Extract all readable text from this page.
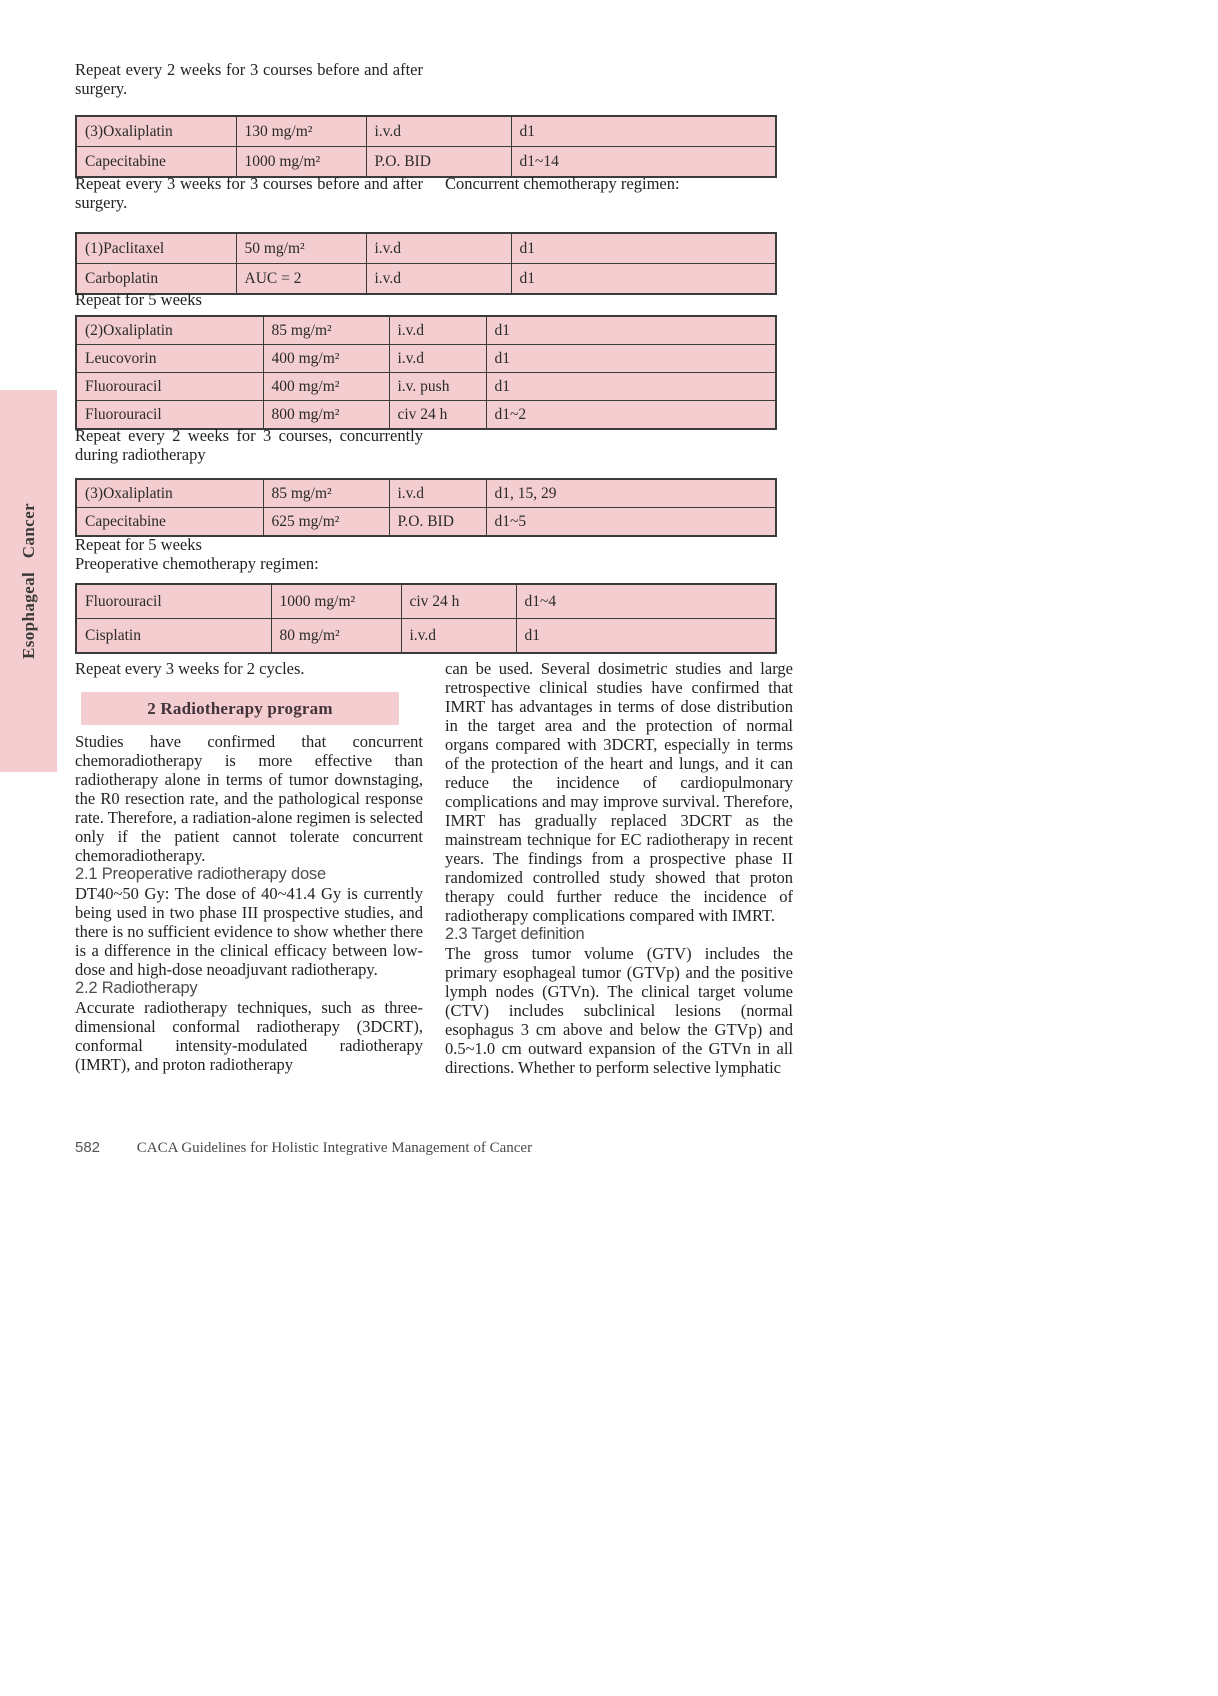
Esophageal Cancer
Repeat every 2 weeks for 3 courses before and after surgery.
(3)Oxaliplatin	130 mg/m²	i.v.d	d1
Capecitabine	1000 mg/m²	P.O. BID	d1~14
Repeat every 3 weeks for 3 courses before and after surgery.
Concurrent chemotherapy regimen:
(1)Paclitaxel	50 mg/m²	i.v.d	d1
Carboplatin	AUC = 2	i.v.d	d1
Repeat for 5 weeks
(2)Oxaliplatin	85 mg/m²	i.v.d	d1
Leucovorin	400 mg/m²	i.v.d	d1
Fluorouracil	400 mg/m²	i.v. push	d1
Fluorouracil	800 mg/m²	civ 24 h	d1~2
Repeat every 2 weeks for 3 courses, concurrently during radiotherapy
(3)Oxaliplatin	85 mg/m²	i.v.d	d1, 15, 29
Capecitabine	625 mg/m²	P.O. BID	d1~5
Repeat for 5 weeks
Preoperative chemotherapy regimen:
Fluorouracil	1000 mg/m²	civ 24 h	d1~4
Cisplatin	80 mg/m²	i.v.d	d1

Repeat every 3 weeks for 2 cycles.

2 Radiotherapy program

Studies have confirmed that concurrent chemoradiotherapy is more effective than radiotherapy alone in terms of tumor downstaging, the R0 resection rate, and the pathological response rate. Therefore, a radiation-alone regimen is selected only if the patient cannot tolerate concurrent chemoradiotherapy.

2.1 Preoperative radiotherapy dose

DT40~50 Gy: The dose of 40~41.4 Gy is currently being used in two phase III prospective studies, and there is no sufficient evidence to show whether there is a difference in the clinical efficacy between low-dose and high-dose neoadjuvant radiotherapy.

2.2 Radiotherapy

Accurate radiotherapy techniques, such as three-dimensional conformal radiotherapy (3DCRT), conformal intensity-modulated radiotherapy (IMRT), and proton radiotherapy

can be used. Several dosimetric studies and large retrospective clinical studies have confirmed that IMRT has advantages in terms of dose distribution in the target area and the protection of normal organs compared with 3DCRT, especially in terms of the protection of the heart and lungs, and it can reduce the incidence of cardiopulmonary complications and may improve survival. Therefore, IMRT has gradually replaced 3DCRT as the mainstream technique for EC radiotherapy in recent years. The findings from a prospective phase II randomized controlled study showed that proton therapy could further reduce the incidence of radiotherapy complications compared with IMRT.

2.3 Target definition

The gross tumor volume (GTV) includes the primary esophageal tumor (GTVp) and the positive lymph nodes (GTVn). The clinical target volume (CTV) includes subclinical lesions (normal esophagus 3 cm above and below the GTVp) and 0.5~1.0 cm outward expansion of the GTVn in all directions. Whether to perform selective lymphatic

582 CACA Guidelines for Holistic Integrative Management of Cancer
